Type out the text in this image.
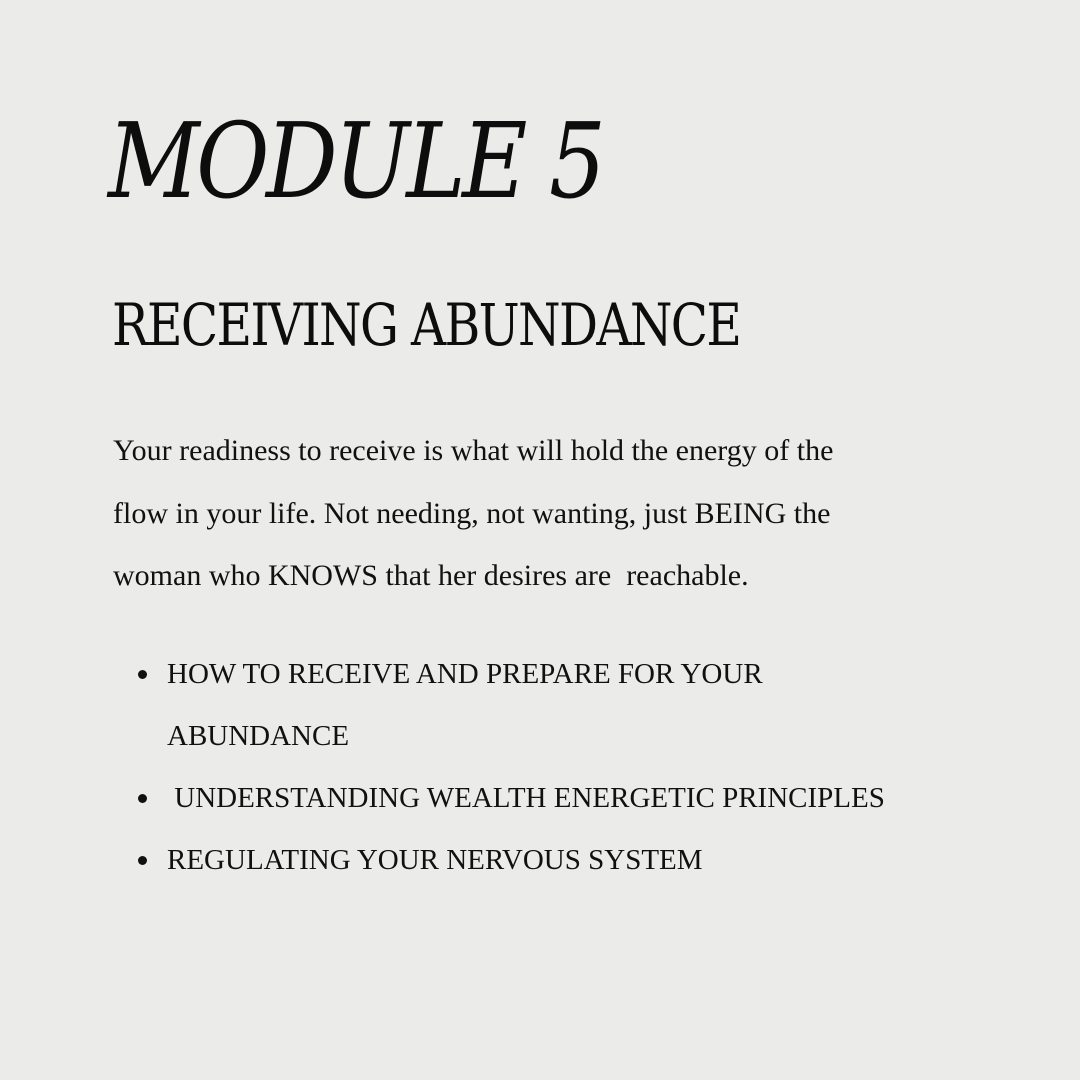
MODULE 5
RECEIVING ABUNDANCE

Your readiness to receive is what will hold the energy of the
flow in your life. Not needing, not wanting, just BEING the
woman who KNOWS that her desires are  reachable.

HOW TO RECEIVE AND PREPARE FOR YOUR
ABUNDANCE
UNDERSTANDING WEALTH ENERGETIC PRINCIPLES
REGULATING YOUR NERVOUS SYSTEM
